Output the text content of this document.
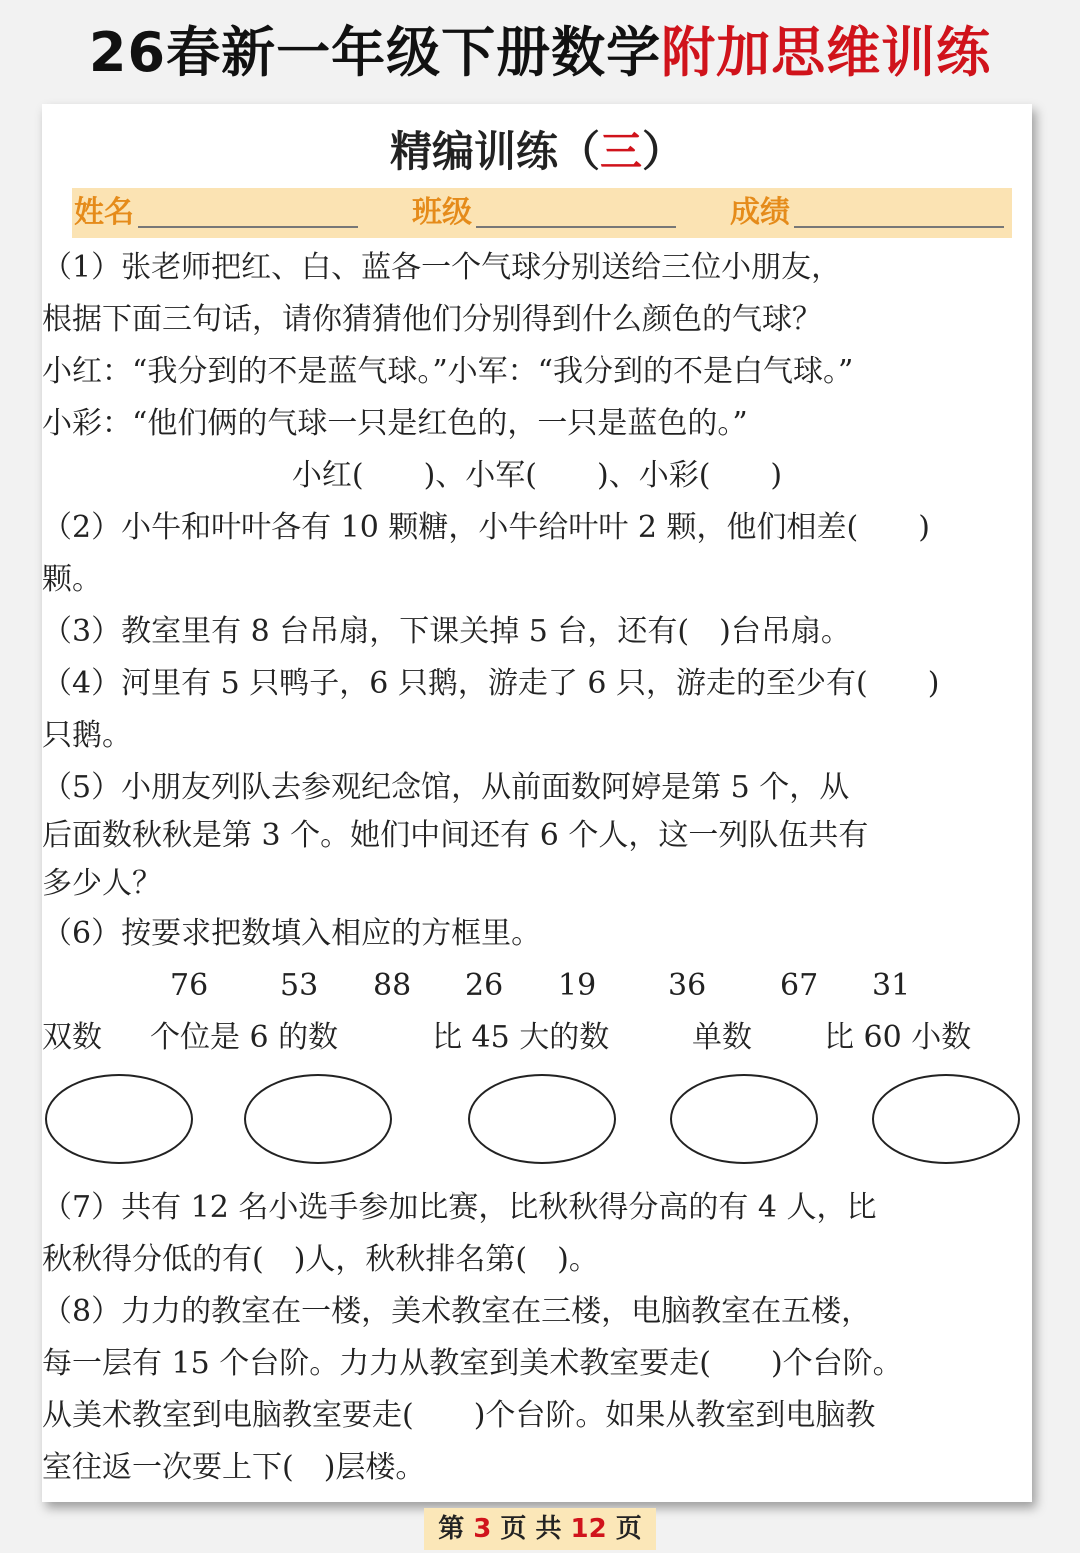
26春新一年级下册数学附加思维训练
精编训练（三）
姓名	班级	成绩
（1）张老师把红、白、蓝各一个气球分别送给三位小朋友，
根据下面三句话，请你猜猜他们分别得到什么颜色的气球？
小红：“我分到的不是蓝气球。”小军：“我分到的不是白气球。”
小彩：“他们俩的气球一只是红色的，一只是蓝色的。”
小红(　　)、小军(　　)、小彩(　　)
（2）小牛和叶叶各有 10 颗糖，小牛给叶叶 2 颗，他们相差(　　)
颗。
（3）教室里有 8 台吊扇，下课关掉 5 台，还有(　)台吊扇。
（4）河里有 5 只鸭子，6 只鹅，游走了 6 只，游走的至少有(　　)
只鹅。
（5）小朋友列队去参观纪念馆，从前面数阿婷是第 5 个，从
后面数秋秋是第 3 个。她们中间还有 6 个人，这一列队伍共有
多少人？
（6）按要求把数填入相应的方框里。
76 53 88 26 19 36 67 31
双数 个位是 6 的数	比 45 大的数	单数 比 60 小数
（7）共有 12 名小选手参加比赛，比秋秋得分高的有 4 人，比
秋秋得分低的有(　)人，秋秋排名第(　)。
（8）力力的教室在一楼，美术教室在三楼，电脑教室在五楼，
每一层有 15 个台阶。力力从教室到美术教室要走(　　)个台阶。
从美术教室到电脑教室要走(　　)个台阶。如果从教室到电脑教
室往返一次要上下(　)层楼。
第 3 页 共 12 页
